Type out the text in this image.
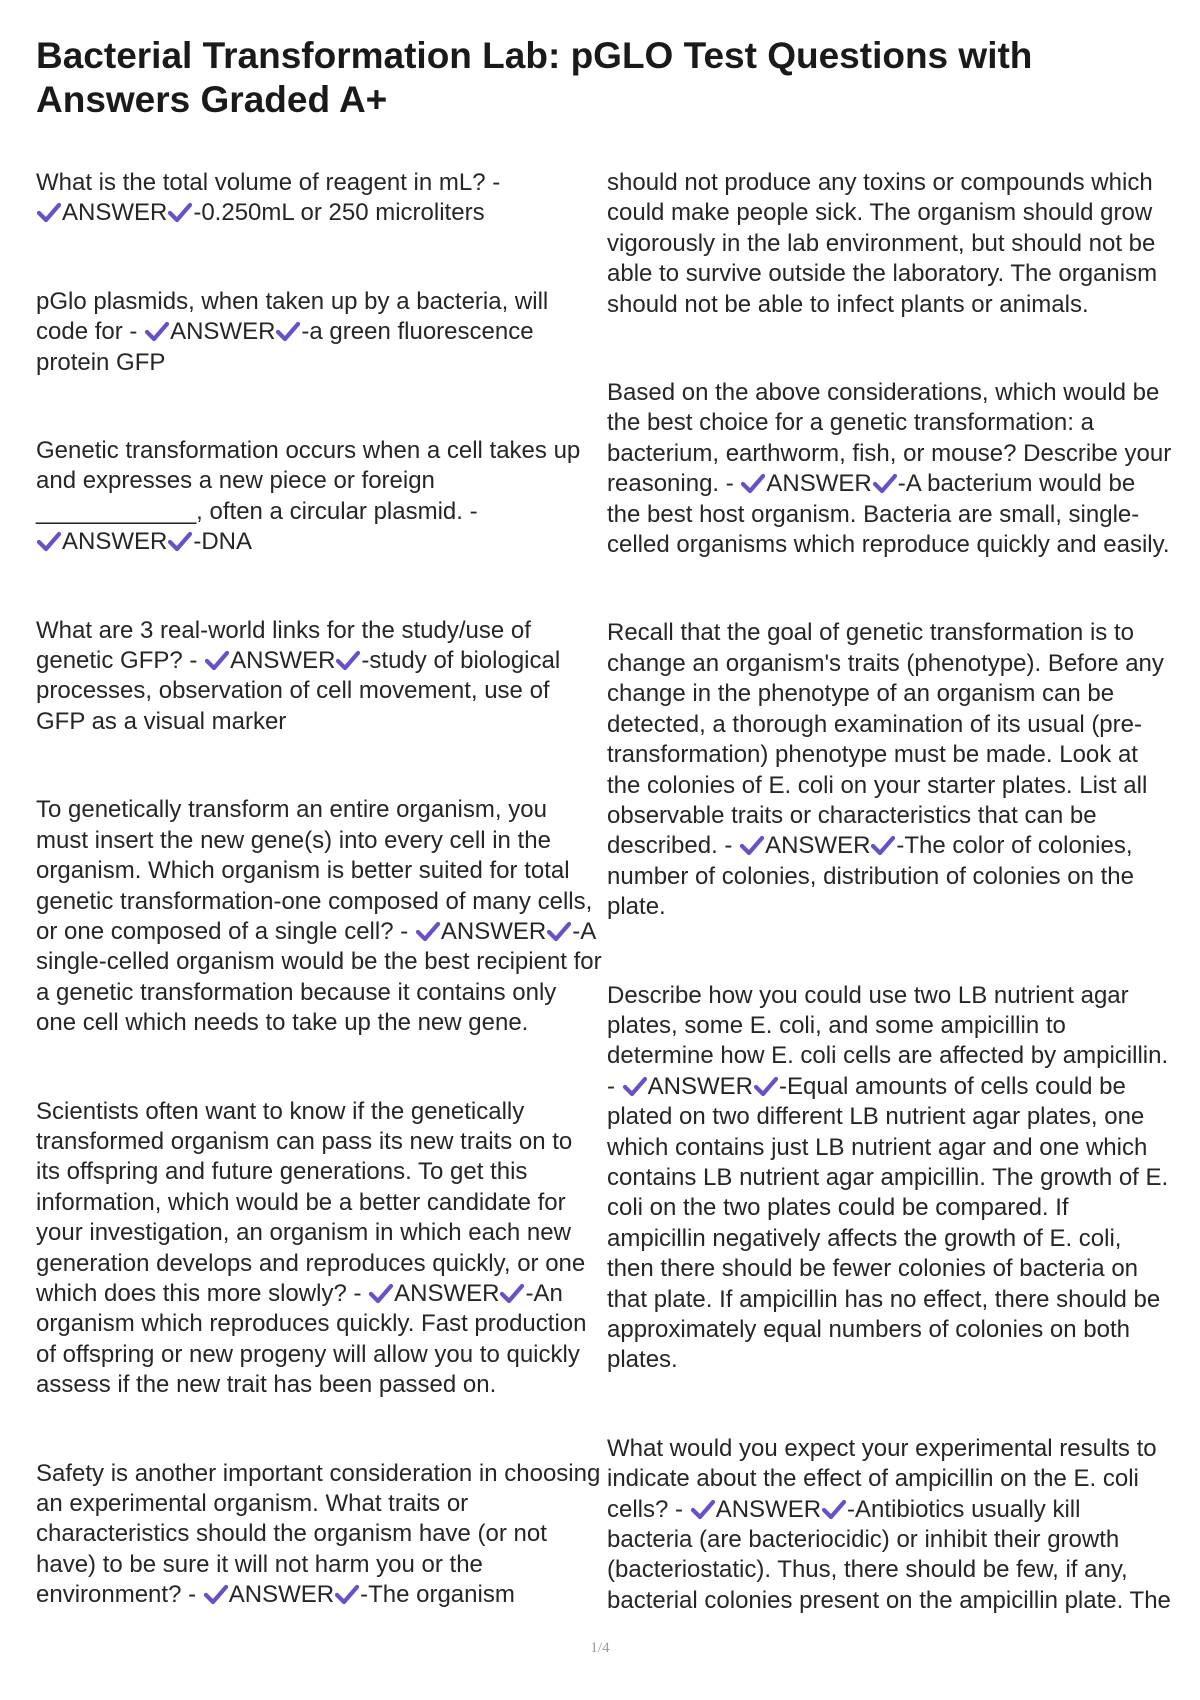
Bacterial Transformation Lab: pGLO Test Questions with Answers Graded A+

What is the total volume of reagent in mL? -
ANSWER -0.250mL or 250 microliters

pGlo plasmids, when taken up by a bacteria, will code for - ANSWER -a green fluorescence protein GFP

Genetic transformation occurs when a cell takes up and expresses a new piece or foreign ____________, often a circular plasmid. -
ANSWER -DNA

What are 3 real-world links for the study/use of genetic GFP? - ANSWER -study of biological processes, observation of cell movement, use of GFP as a visual marker

To genetically transform an entire organism, you must insert the new gene(s) into every cell in the organism. Which organism is better suited for total genetic transformation-one composed of many cells, or one composed of a single cell? - ANSWER -A single-celled organism would be the best recipient for a genetic transformation because it contains only one cell which needs to take up the new gene.

Scientists often want to know if the genetically transformed organism can pass its new traits on to its offspring and future generations. To get this information, which would be a better candidate for your investigation, an organism in which each new generation develops and reproduces quickly, or one which does this more slowly? - ANSWER -An organism which reproduces quickly. Fast production of offspring or new progeny will allow you to quickly assess if the new trait has been passed on.

Safety is another important consideration in choosing an experimental organism. What traits or characteristics should the organism have (or not have) to be sure it will not harm you or the environment? - ANSWER -The organism

should not produce any toxins or compounds which could make people sick. The organism should grow vigorously in the lab environment, but should not be able to survive outside the laboratory. The organism should not be able to infect plants or animals.

Based on the above considerations, which would be the best choice for a genetic transformation: a bacterium, earthworm, fish, or mouse? Describe your reasoning. - ANSWER -A bacterium would be the best host organism. Bacteria are small, single-celled organisms which reproduce quickly and easily.

Recall that the goal of genetic transformation is to change an organism's traits (phenotype). Before any change in the phenotype of an organism can be detected, a thorough examination of its usual (pre-transformation) phenotype must be made. Look at the colonies of E. coli on your starter plates. List all observable traits or characteristics that can be described. - ANSWER -The color of colonies, number of colonies, distribution of colonies on the plate.

Describe how you could use two LB nutrient agar plates, some E. coli, and some ampicillin to determine how E. coli cells are affected by ampicillin. - ANSWER -Equal amounts of cells could be plated on two different LB nutrient agar plates, one which contains just LB nutrient agar and one which contains LB nutrient agar ampicillin. The growth of E. coli on the two plates could be compared. If ampicillin negatively affects the growth of E. coli, then there should be fewer colonies of bacteria on that plate. If ampicillin has no effect, there should be approximately equal numbers of colonies on both plates.

What would you expect your experimental results to indicate about the effect of ampicillin on the E. coli cells? - ANSWER -Antibiotics usually kill bacteria (are bacteriocidic) or inhibit their growth (bacteriostatic). Thus, there should be few, if any, bacterial colonies present on the ampicillin plate. The

1/4
